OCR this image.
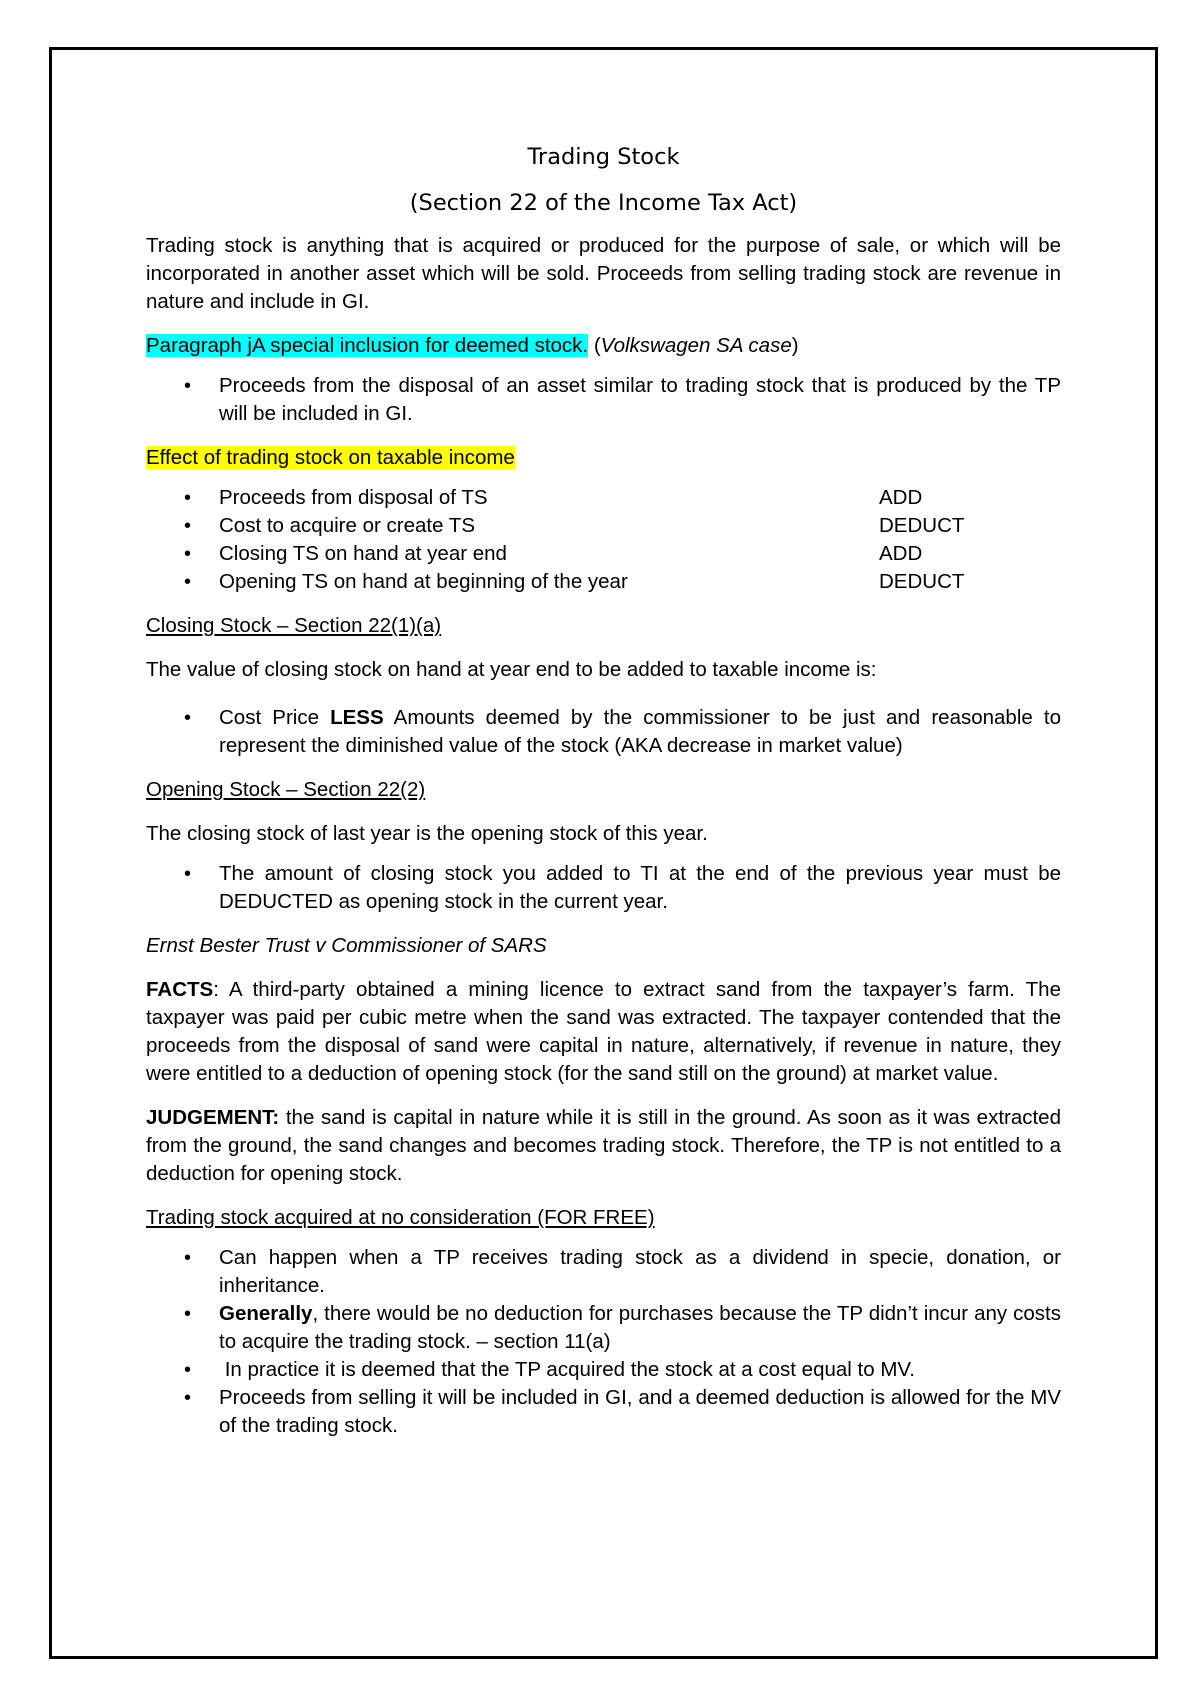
Trading Stock

(Section 22 of the Income Tax Act)

Trading stock is anything that is acquired or produced for the purpose of sale, or which will be incorporated in another asset which will be sold. Proceeds from selling trading stock are revenue in nature and include in GI.

Paragraph jA special inclusion for deemed stock. (Volkswagen SA case)

• Proceeds from the disposal of an asset similar to trading stock that is produced by the TP will be included in GI.

Effect of trading stock on taxable income

• Proceeds from disposal of TS	ADD
• Cost to acquire or create TS	DEDUCT
• Closing TS on hand at year end	ADD
• Opening TS on hand at beginning of the year	DEDUCT

Closing Stock – Section 22(1)(a)

The value of closing stock on hand at year end to be added to taxable income is:

• Cost Price LESS Amounts deemed by the commissioner to be just and reasonable to represent the diminished value of the stock (AKA decrease in market value)

Opening Stock – Section 22(2)

The closing stock of last year is the opening stock of this year.

• The amount of closing stock you added to TI at the end of the previous year must be DEDUCTED as opening stock in the current year.

Ernst Bester Trust v Commissioner of SARS

FACTS: A third-party obtained a mining licence to extract sand from the taxpayer’s farm. The taxpayer was paid per cubic metre when the sand was extracted. The taxpayer contended that the proceeds from the disposal of sand were capital in nature, alternatively, if revenue in nature, they were entitled to a deduction of opening stock (for the sand still on the ground) at market value.

JUDGEMENT: the sand is capital in nature while it is still in the ground. As soon as it was extracted from the ground, the sand changes and becomes trading stock. Therefore, the TP is not entitled to a deduction for opening stock.

Trading stock acquired at no consideration (FOR FREE)

• Can happen when a TP receives trading stock as a dividend in specie, donation, or inheritance.
• Generally, there would be no deduction for purchases because the TP didn’t incur any costs to acquire the trading stock. – section 11(a)
• In practice it is deemed that the TP acquired the stock at a cost equal to MV.
• Proceeds from selling it will be included in GI, and a deemed deduction is allowed for the MV of the trading stock.
